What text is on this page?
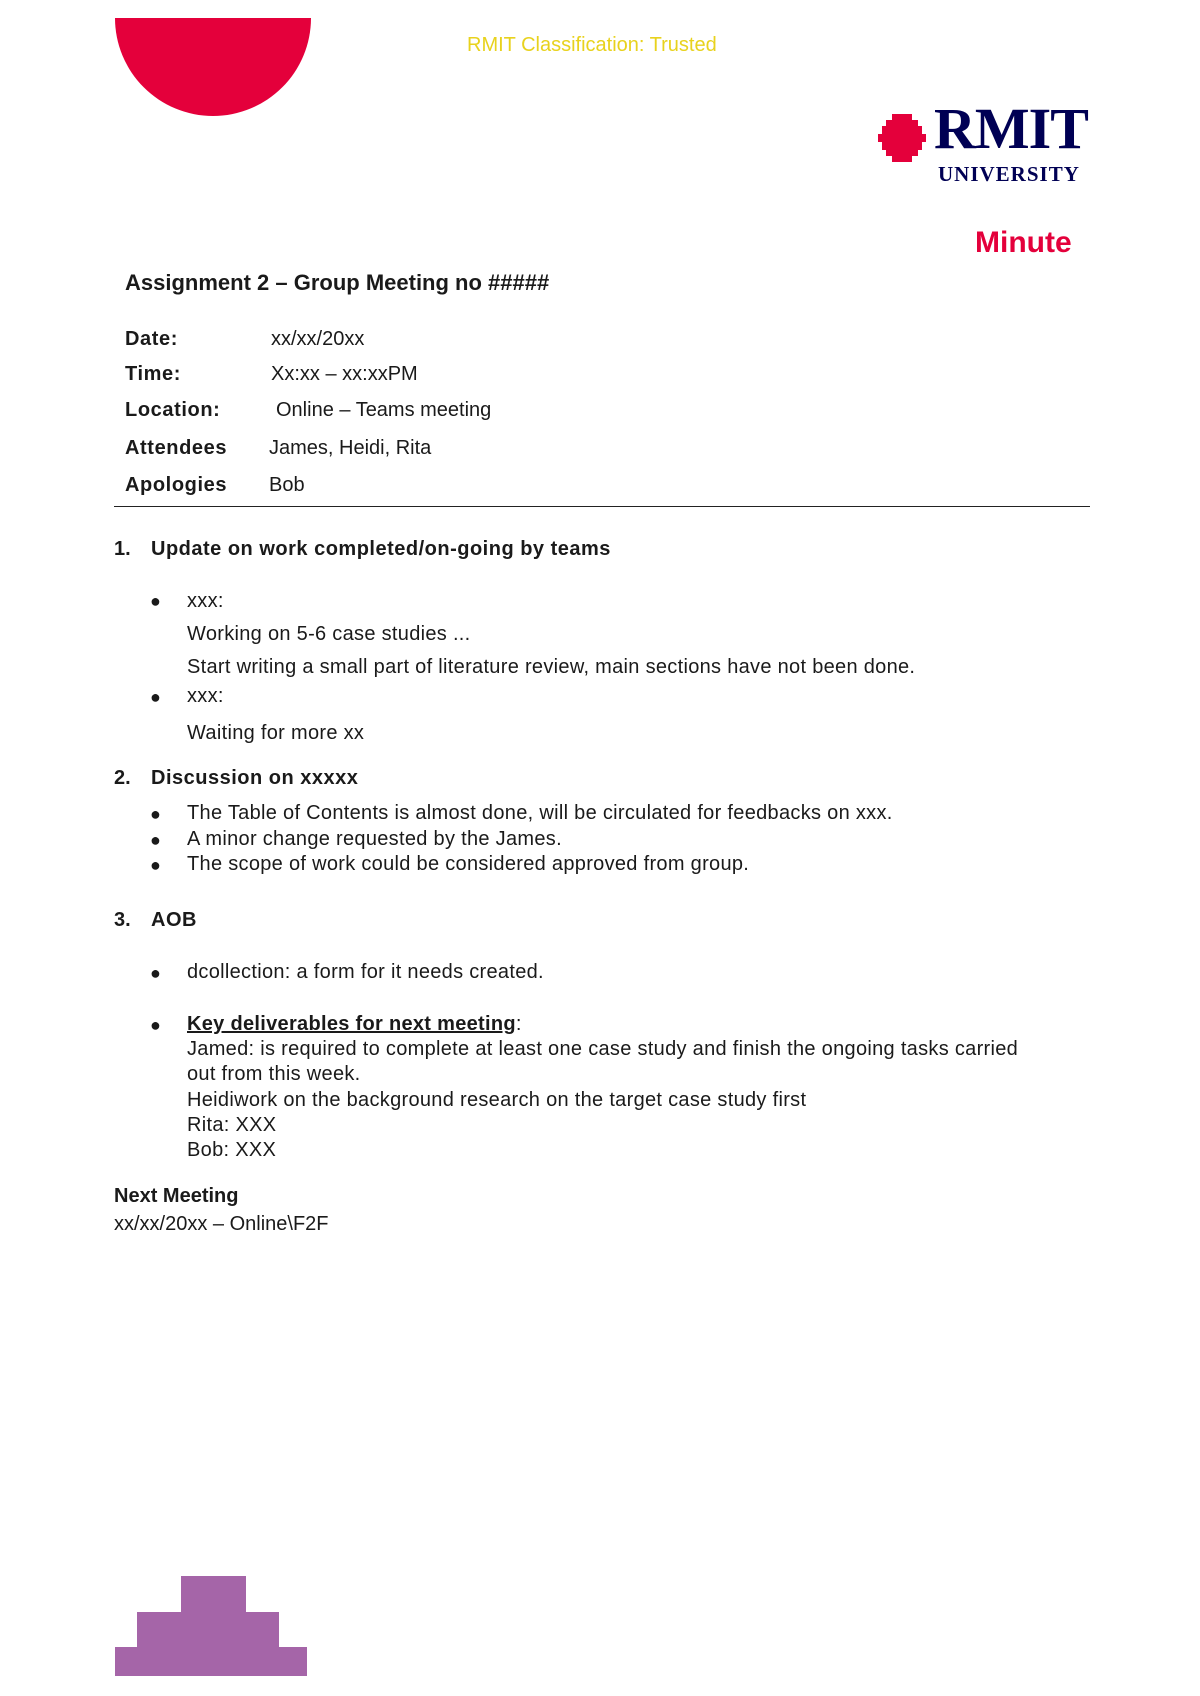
RMIT Classification: Trusted
RMIT
UNIVERSITY
Minute
Assignment 2 – Group Meeting no #####
Date:	xx/xx/20xx
Time:	Xx:xx – xx:xxPM
Location:	Online – Teams meeting
Attendees James, Heidi, Rita
Apologies Bob
1. Update on work completed/on-going by teams
● xxx:
Working on 5-6 case studies ...
Start writing a small part of literature review, main sections have not been done.
● xxx:
Waiting for more xx
2. Discussion on xxxxx
● The Table of Contents is almost done, will be circulated for feedbacks on xxx.
● A minor change requested by the James.
● The scope of work could be considered approved from group.
3. AOB
● dcollection: a form for it needs created.
● Key deliverables for next meeting:
Jamed: is required to complete at least one case study and finish the ongoing tasks carried
out from this week.
Heidiwork on the background research on the target case study first
Rita: XXX
Bob: XXX
Next Meeting
xx/xx/20xx – Online\F2F
